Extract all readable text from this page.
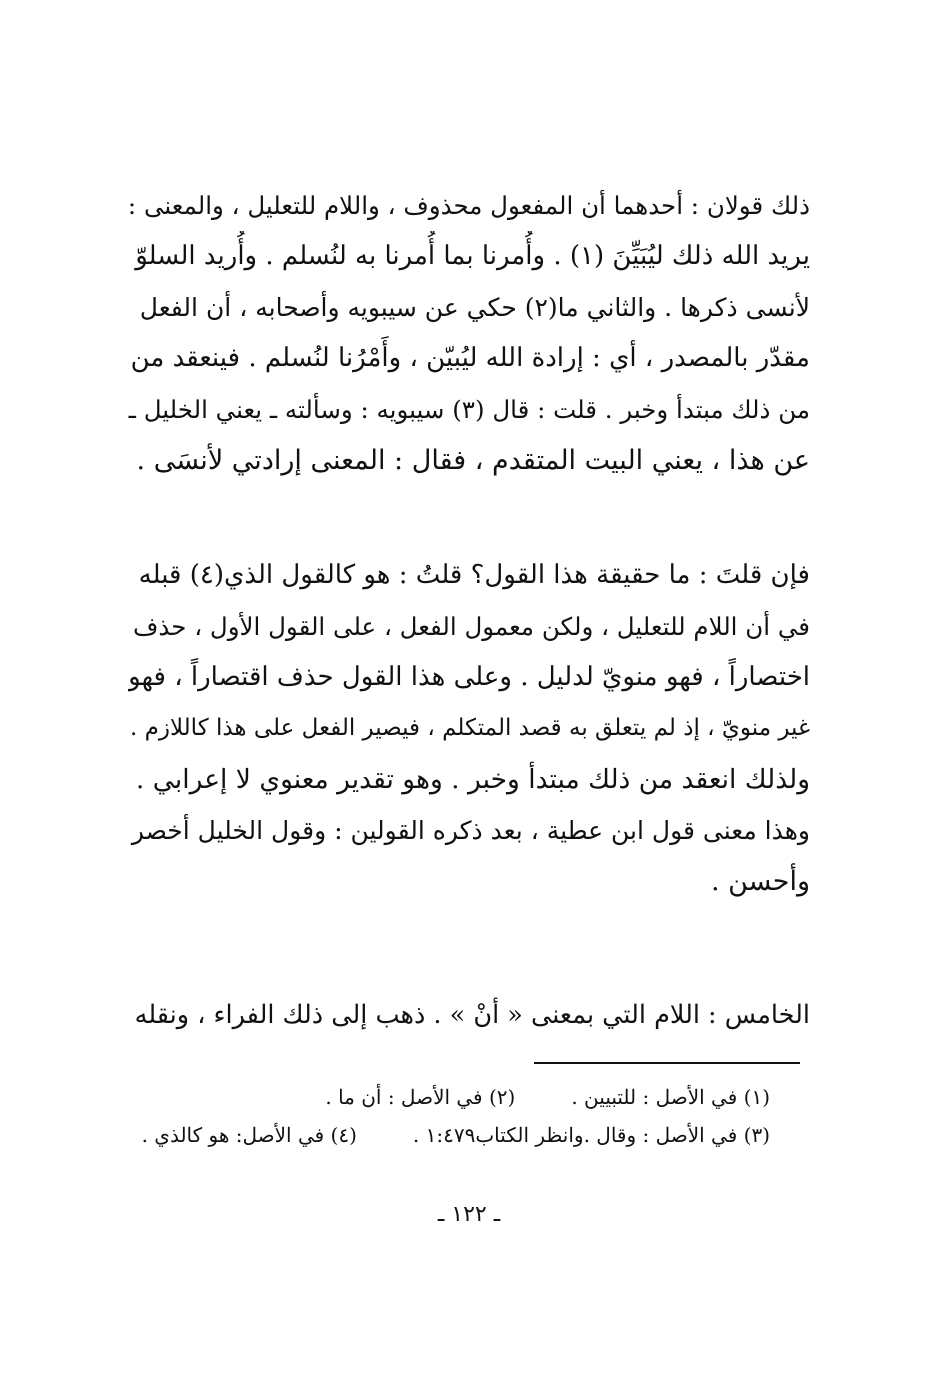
ذلك قولان : أحدهما أن المفعول محذوف ، واللام للتعليل ، والمعنى :
يريد الله ذلك ليُبَيِّنَ (١) . وأُمرنا بما أُمرنا به لنُسلم . وأُريد السلوّ
لأنسى ذكرها . والثاني ما(٢) حكي عن سيبويه وأصحابه ، أن الفعل
مقدّر بالمصدر ، أي : إرادة الله ليُبيّن ، وأَمْرُنا لنُسلم . فينعقد من
من ذلك مبتدأ وخبر . قلت : قال (٣) سيبويه : وسألته ـ يعني الخليل ـ
عن هذا ، يعني البيت المتقدم ، فقال : المعنى إرادتي لأنسَى .
فإن قلتَ : ما حقيقة هذا القول؟ قلتُ : هو كالقول الذي(٤) قبله
في أن اللام للتعليل ، ولكن معمول الفعل ، على القول الأول ، حذف
اختصاراً ، فهو منويّ لدليل . وعلى هذا القول حذف اقتصاراً ، فهو
غير منويّ ، إذ لم يتعلق به قصد المتكلم ، فيصير الفعل على هذا كاللازم .
ولذلك انعقد من ذلك مبتدأ وخبر . وهو تقدير معنوي لا إعرابي .
وهذا معنى قول ابن عطية ، بعد ذكره القولين : وقول الخليل أخصر
وأحسن .
الخامس : اللام التي بمعنى « أنْ » . ذهب إلى ذلك الفراء ، ونقله
(١) في الأصل : للتبيين .
(٢) في الأصل : أن ما .
(٣) في الأصل : وقال .وانظر الكتاب١:٤٧٩ .
(٤) في الأصل: هو كالذي .
ـ ١٢٢ ـ
